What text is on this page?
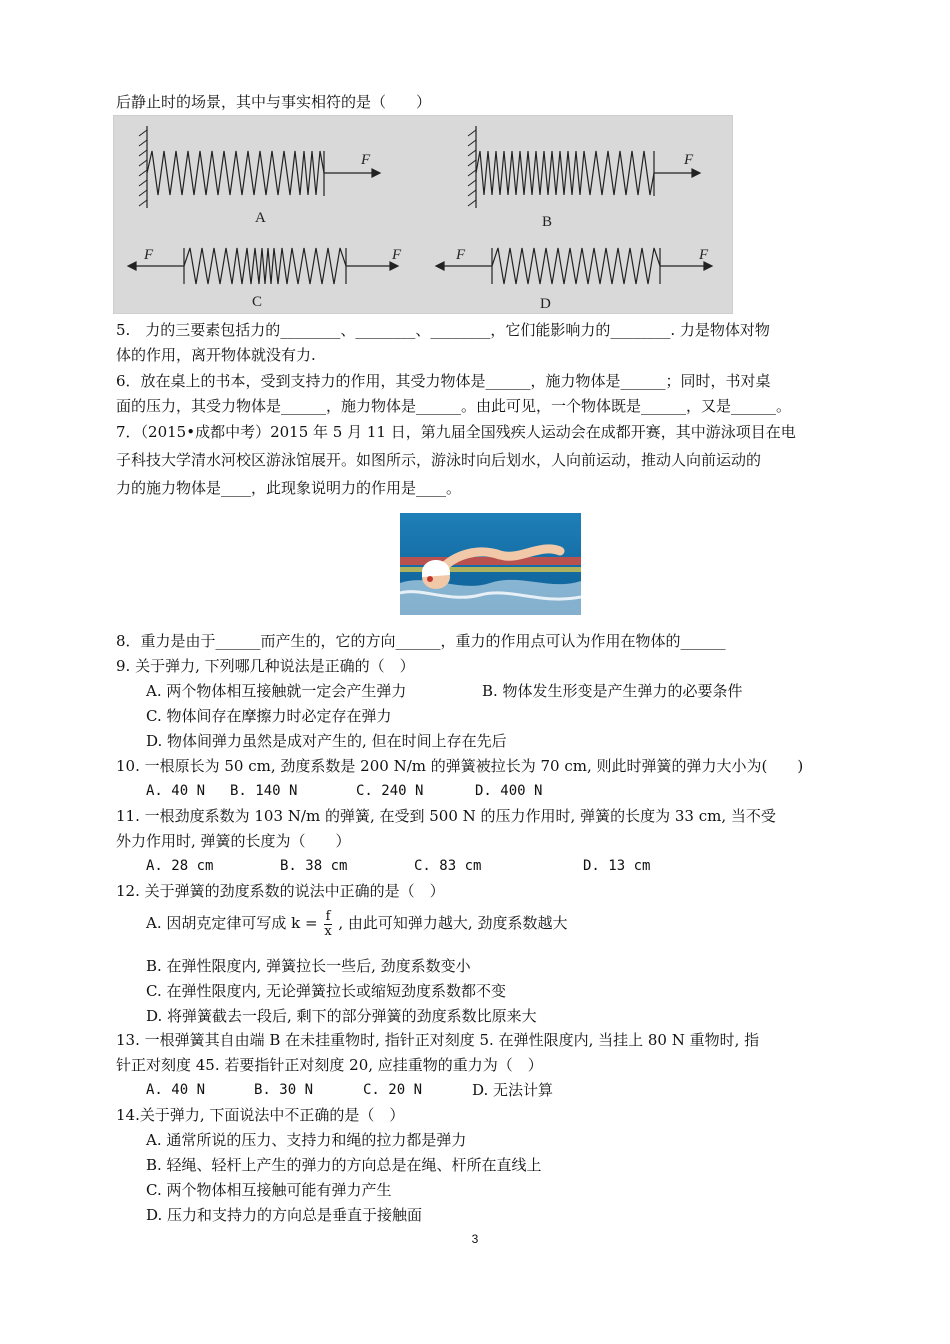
后静止时的场景，其中与事实相符的是（　　）
F
A
F
B
F	F
C
F	F
D
5.　力的三要素包括力的________、________、________，它们能影响力的________. 力是物体对物
体的作用，离开物体就没有力.
6．放在桌上的书本，受到支持力的作用，其受力物体是______，施力物体是______；同时，书对桌
面的压力，其受力物体是______，施力物体是______。由此可见，一个物体既是______，又是______。
7．（2015•成都中考）2015 年 5 月 11 日，第九届全国残疾人运动会在成都开赛，其中游泳项目在电
子科技大学清水河校区游泳馆展开。如图所示，游泳时向后划水，人向前运动，推动人向前运动的
力的施力物体是____，此现象说明力的作用是____。
8．重力是由于______而产生的，它的方向______，重力的作用点可认为作用在物体的______
9. 关于弹力, 下列哪几种说法是正确的（　）
A. 两个物体相互接触就一定会产生弹力	B. 物体发生形变是产生弹力的必要条件
C. 物体间存在摩擦力时必定存在弹力
D. 物体间弹力虽然是成对产生的, 但在时间上存在先后
10. 一根原长为 50 cm, 劲度系数是 200 N/m 的弹簧被拉长为 70 cm, 则此时弹簧的弹力大小为(　　)
A. 40 N B. 140 N	C. 240 N	D. 400 N
11. 一根劲度系数为 103 N/m 的弹簧, 在受到 500 N 的压力作用时, 弹簧的长度为 33 cm, 当不受
外力作用时, 弹簧的长度为（　　）
A. 28 cm	B. 38 cm	C. 83 cm	D. 13 cm
12. 关于弹簧的劲度系数的说法中正确的是（　）
A. 因胡克定律可写成 $k = \frac{f}{x}$ , 由此可知弹力越大, 劲度系数越大
B. 在弹性限度内, 弹簧拉长一些后, 劲度系数变小
C. 在弹性限度内, 无论弹簧拉长或缩短劲度系数都不变
D. 将弹簧截去一段后, 剩下的部分弹簧的劲度系数比原来大
13. 一根弹簧其自由端 B 在未挂重物时, 指针正对刻度 5. 在弹性限度内, 当挂上 80 N 重物时, 指
针正对刻度 45. 若要指针正对刻度 20, 应挂重物的重力为（　）
A. 40 N	B. 30 N	C. 20 N	D. 无法计算
14.关于弹力, 下面说法中不正确的是（　）
A. 通常所说的压力、支持力和绳的拉力都是弹力
B. 轻绳、轻杆上产生的弹力的方向总是在绳、杆所在直线上
C. 两个物体相互接触可能有弹力产生
D. 压力和支持力的方向总是垂直于接触面
3
